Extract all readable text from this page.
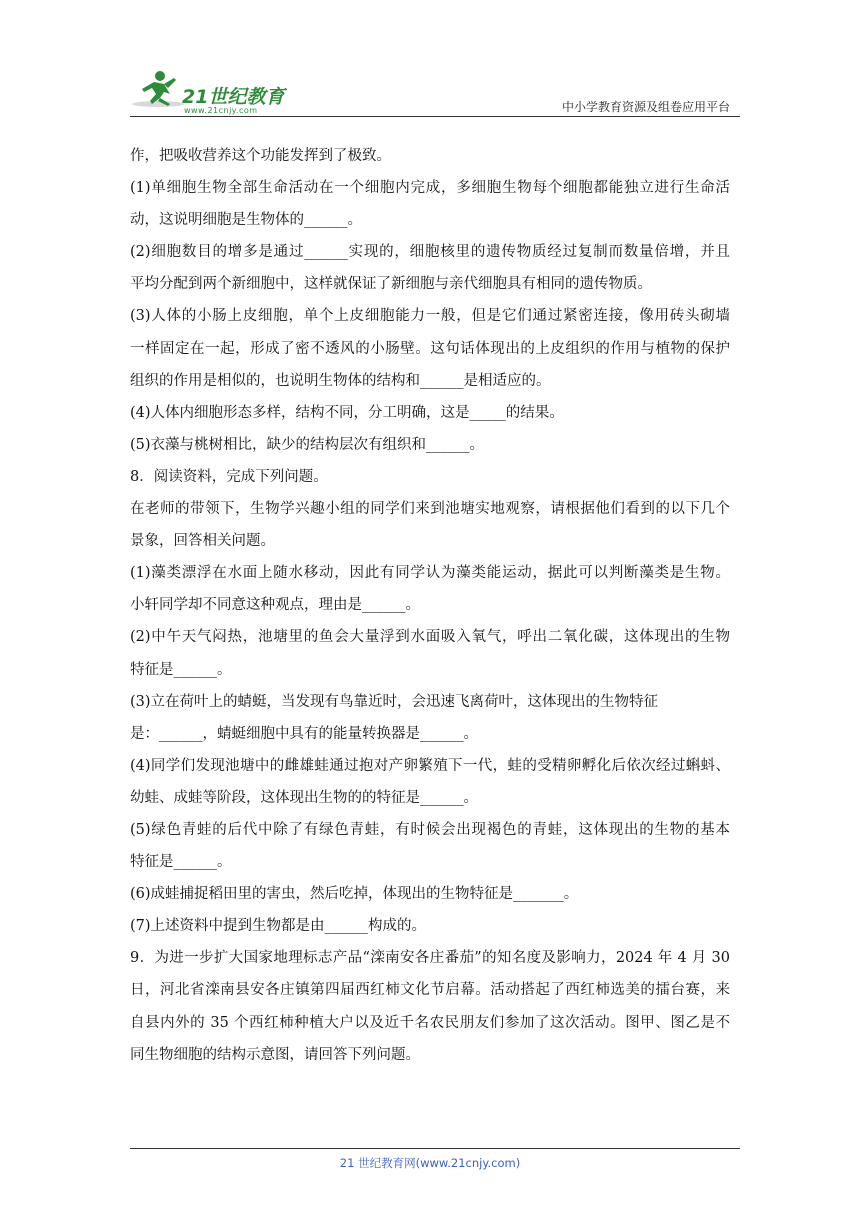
21世纪教育
www.21cnjy.com	中小学教育资源及组卷应用平台
作，把吸收营养这个功能发挥到了极致。
(1)单细胞生物全部生命活动在一个细胞内完成，多细胞生物每个细胞都能独立进行生命活
动，这说明细胞是生物体的______。
(2)细胞数目的增多是通过______实现的，细胞核里的遗传物质经过复制而数量倍增，并且
平均分配到两个新细胞中，这样就保证了新细胞与亲代细胞具有相同的遗传物质。
(3)人体的小肠上皮细胞，单个上皮细胞能力一般，但是它们通过紧密连接，像用砖头砌墙
一样固定在一起，形成了密不透风的小肠壁。这句话体现出的上皮组织的作用与植物的保护
组织的作用是相似的，也说明生物体的结构和______是相适应的。
(4)人体内细胞形态多样，结构不同，分工明确，这是_____的结果。
(5)衣藻与桃树相比，缺少的结构层次有组织和______。
8．阅读资料，完成下列问题。
在老师的带领下，生物学兴趣小组的同学们来到池塘实地观察，请根据他们看到的以下几个
景象，回答相关问题。
(1)藻类漂浮在水面上随水移动，因此有同学认为藻类能运动，据此可以判断藻类是生物。
小轩同学却不同意这种观点，理由是______。
(2)中午天气闷热，池塘里的鱼会大量浮到水面吸入氧气，呼出二氧化碳，这体现出的生物
特征是______。
(3)立在荷叶上的蜻蜓，当发现有鸟靠近时，会迅速飞离荷叶，这体现出的生物特征
是：______，蜻蜓细胞中具有的能量转换器是______。
(4)同学们发现池塘中的雌雄蛙通过抱对产卵繁殖下一代，蛙的受精卵孵化后依次经过蝌蚪、
幼蛙、成蛙等阶段，这体现出生物的的特征是______。
(5)绿色青蛙的后代中除了有绿色青蛙，有时候会出现褐色的青蛙，这体现出的生物的基本
特征是______。
(6)成蛙捕捉稻田里的害虫，然后吃掉，体现出的生物特征是_______。
(7)上述资料中提到生物都是由______构成的。
9．为进一步扩大国家地理标志产品“滦南安各庄番茄”的知名度及影响力，2024 年 4 月 30
日，河北省滦南县安各庄镇第四届西红柿文化节启幕。活动搭起了西红柿选美的擂台赛，来
自县内外的 35 个西红柿种植大户以及近千名农民朋友们参加了这次活动。图甲、图乙是不
同生物细胞的结构示意图，请回答下列问题。
21 世纪教育网(www.21cnjy.com)
